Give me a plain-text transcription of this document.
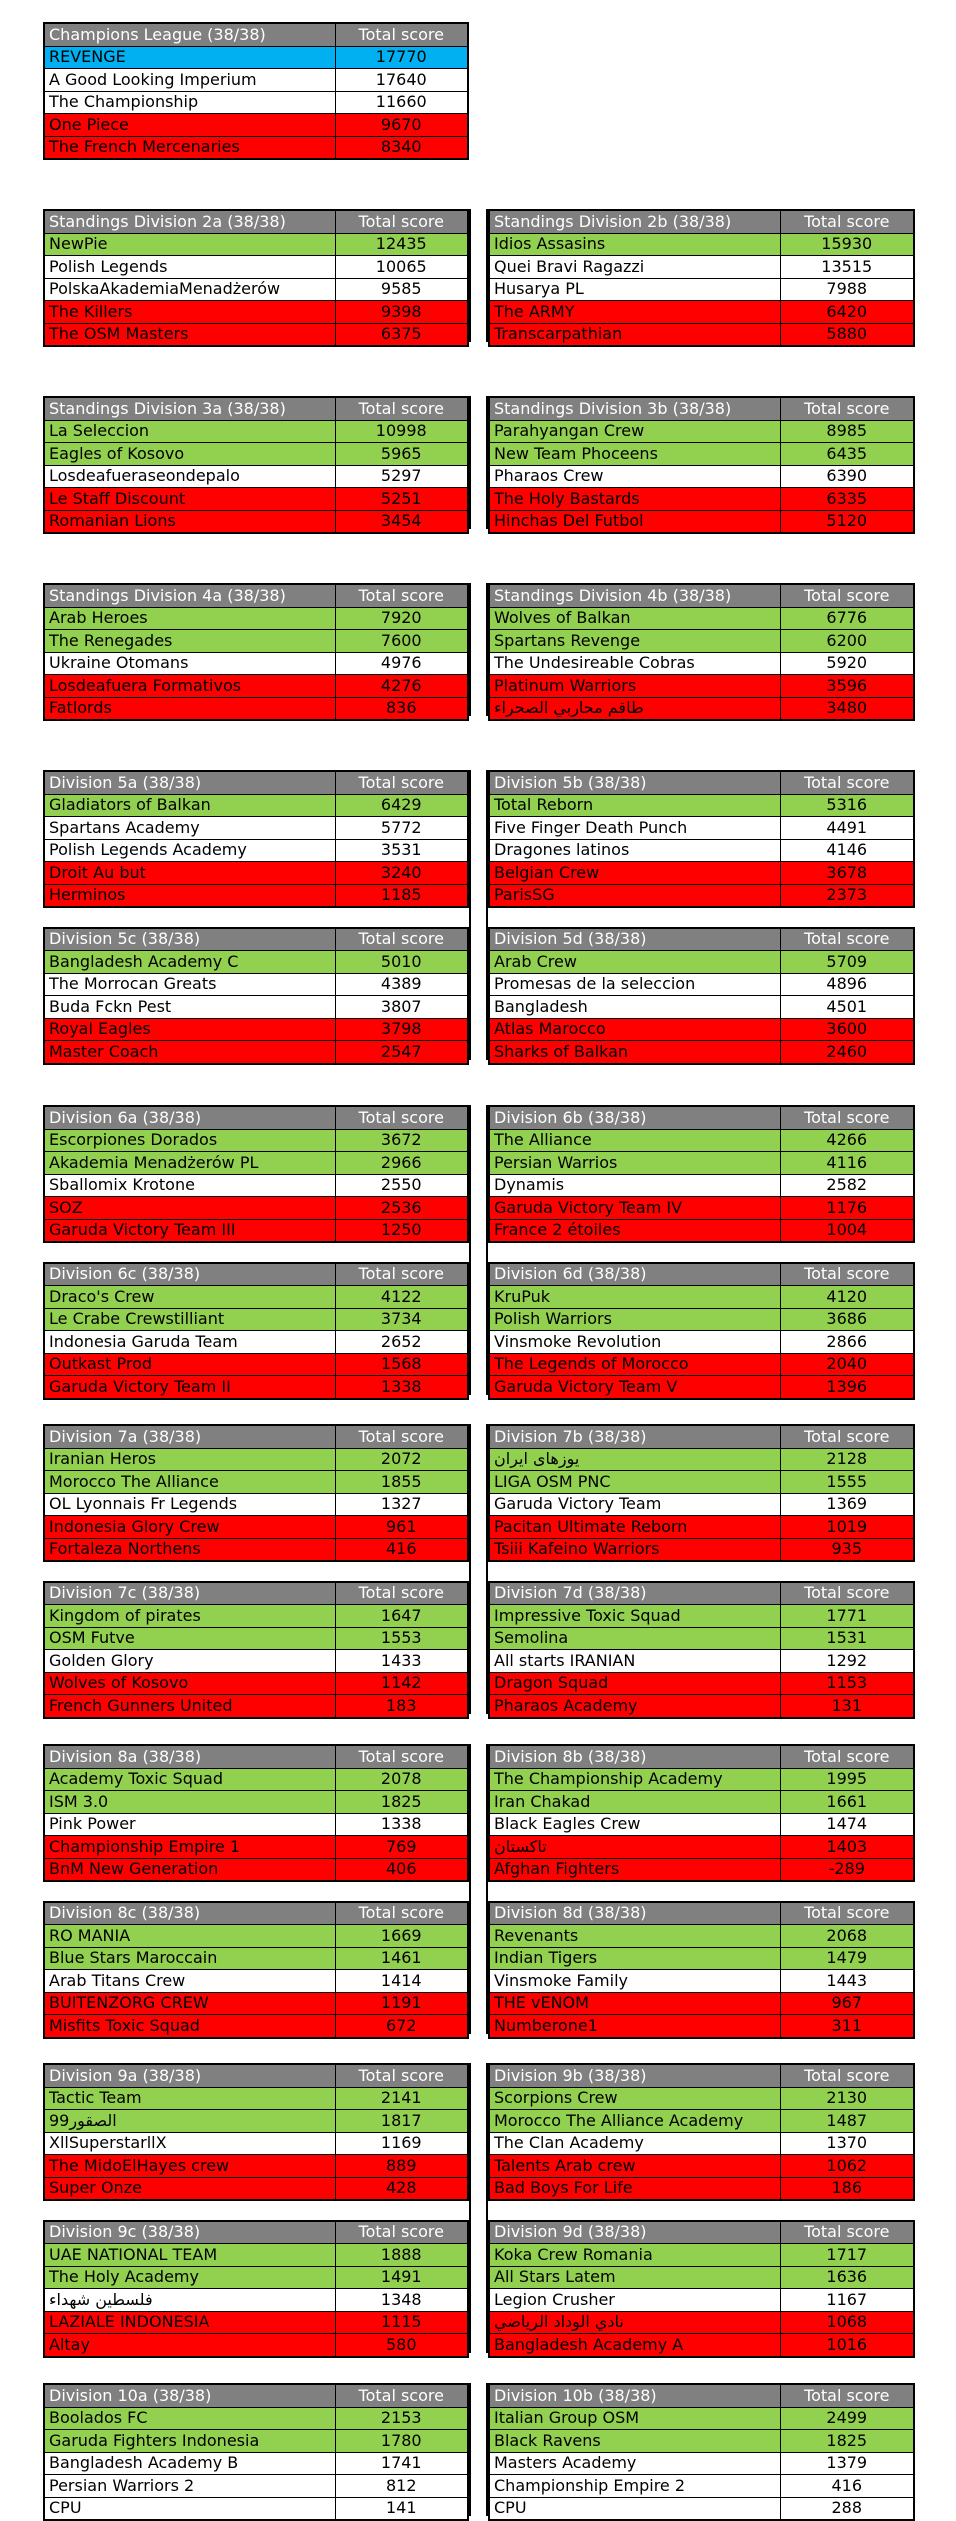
Champions League (38/38)	Total score
REVENGE	17770
A Good Looking Imperium	17640
The Championship	11660
One Piece	9670
The French Mercenaries	8340
Standings Division 2a (38/38)	Total score
NewPie	12435
Polish Legends	10065
PolskaAkademiaMenadżerów	9585
The Killers	9398
The OSM Masters	6375
Standings Division 2b (38/38)	Total score
Idios Assasins	15930
Quei Bravi Ragazzi	13515
Husarya PL	7988
The ARMY	6420
Transcarpathian	5880
Standings Division 3a (38/38)	Total score
La Seleccion	10998
Eagles of Kosovo	5965
Losdeafueraseondepalo	5297
Le Staff Discount	5251
Romanian Lions	3454
Standings Division 3b (38/38)	Total score
Parahyangan Crew	8985
New Team Phoceens	6435
Pharaos Crew	6390
The Holy Bastards	6335
Hinchas Del Futbol	5120
Standings Division 4a (38/38)	Total score
Arab Heroes	7920
The Renegades	7600
Ukraine Otomans	4976
Losdeafuera Formativos	4276
Fatlords	836
Standings Division 4b (38/38)	Total score
Wolves of Balkan	6776
Spartans Revenge	6200
The Undesireable Cobras	5920
Platinum Warriors	3596
طاقم محاربي الصحراء	3480
Division 5a (38/38)	Total score
Gladiators of Balkan	6429
Spartans Academy	5772
Polish Legends Academy	3531
Droit Au but	3240
Herminos	1185
Division 5b (38/38)	Total score
Total Reborn	5316
Five Finger Death Punch	4491
Dragones latinos	4146
Belgian Crew	3678
ParisSG	2373
Division 5c (38/38)	Total score
Bangladesh Academy C	5010
The Morrocan Greats	4389
Buda Fckn Pest	3807
Royal Eagles	3798
Master Coach	2547
Division 5d (38/38)	Total score
Arab Crew	5709
Promesas de la seleccion	4896
Bangladesh	4501
Atlas Marocco	3600
Sharks of Balkan	2460
Division 6a (38/38)	Total score
Escorpiones Dorados	3672
Akademia Menadżerów PL	2966
Sballomix Krotone	2550
SOZ	2536
Garuda Victory Team III	1250
Division 6b (38/38)	Total score
The Alliance	4266
Persian Warrios	4116
Dynamis	2582
Garuda Victory Team IV	1176
France 2 étoiles	1004
Division 6c (38/38)	Total score
Draco's Crew	4122
Le Crabe Crewstilliant	3734
Indonesia Garuda Team	2652
Outkast Prod	1568
Garuda Victory Team II	1338
Division 6d (38/38)	Total score
KruPuk	4120
Polish Warriors	3686
Vinsmoke Revolution	2866
The Legends of Morocco	2040
Garuda Victory Team V	1396
Division 7a (38/38)	Total score
Iranian Heros	2072
Morocco The Alliance	1855
OL Lyonnais Fr Legends	1327
Indonesia Glory Crew	961
Fortaleza Northens	416
Division 7b (38/38)	Total score
یوزهای ایران	2128
LIGA OSM PNC	1555
Garuda Victory Team	1369
Pacitan Ultimate Reborn	1019
Tsiii Kafeino Warriors	935
Division 7c (38/38)	Total score
Kingdom of pirates	1647
OSM Futve	1553
Golden Glory	1433
Wolves of Kosovo	1142
French Gunners United	183
Division 7d (38/38)	Total score
Impressive Toxic Squad	1771
Semolina	1531
All starts IRANIAN	1292
Dragon Squad	1153
Pharaos Academy	131
Division 8a (38/38)	Total score
Academy Toxic Squad	2078
ISM 3.0	1825
Pink Power	1338
Championship Empire 1	769
BnM New Generation	406
Division 8b (38/38)	Total score
The Championship Academy	1995
Iran Chakad	1661
Black Eagles Crew	1474
تاکستان	1403
Afghan Fighters	-289
Division 8c (38/38)	Total score
RO MANIA	1669
Blue Stars Maroccain	1461
Arab Titans Crew	1414
BUITENZORG CREW	1191
Misfits Toxic Squad	672
Division 8d (38/38)	Total score
Revenants	2068
Indian Tigers	1479
Vinsmoke Family	1443
THE vENOM	967
Numberone1	311
Division 9a (38/38)	Total score
Tactic Team	2141
الصقور99	1817
XllSuperstarllX	1169
The MidoElHayes crew	889
Super Onze	428
Division 9b (38/38)	Total score
Scorpions Crew	2130
Morocco The Alliance Academy	1487
The Clan Academy	1370
Talents Arab crew	1062
Bad Boys For Life	186
Division 9c (38/38)	Total score
UAE NATIONAL TEAM	1888
The Holy Academy	1491
فلسطين شهداء	1348
LAZIALE INDONESIA	1115
Altay	580
Division 9d (38/38)	Total score
Koka Crew Romania	1717
All Stars Latem	1636
Legion Crusher	1167
نادي الوداد الرياضي	1068
Bangladesh Academy A	1016
Division 10a (38/38)	Total score
Boolados FC	2153
Garuda Fighters Indonesia	1780
Bangladesh Academy B	1741
Persian Warriors 2	812
CPU	141
Division 10b (38/38)	Total score
Italian Group OSM	2499
Black Ravens	1825
Masters Academy	1379
Championship Empire 2	416
CPU	288
